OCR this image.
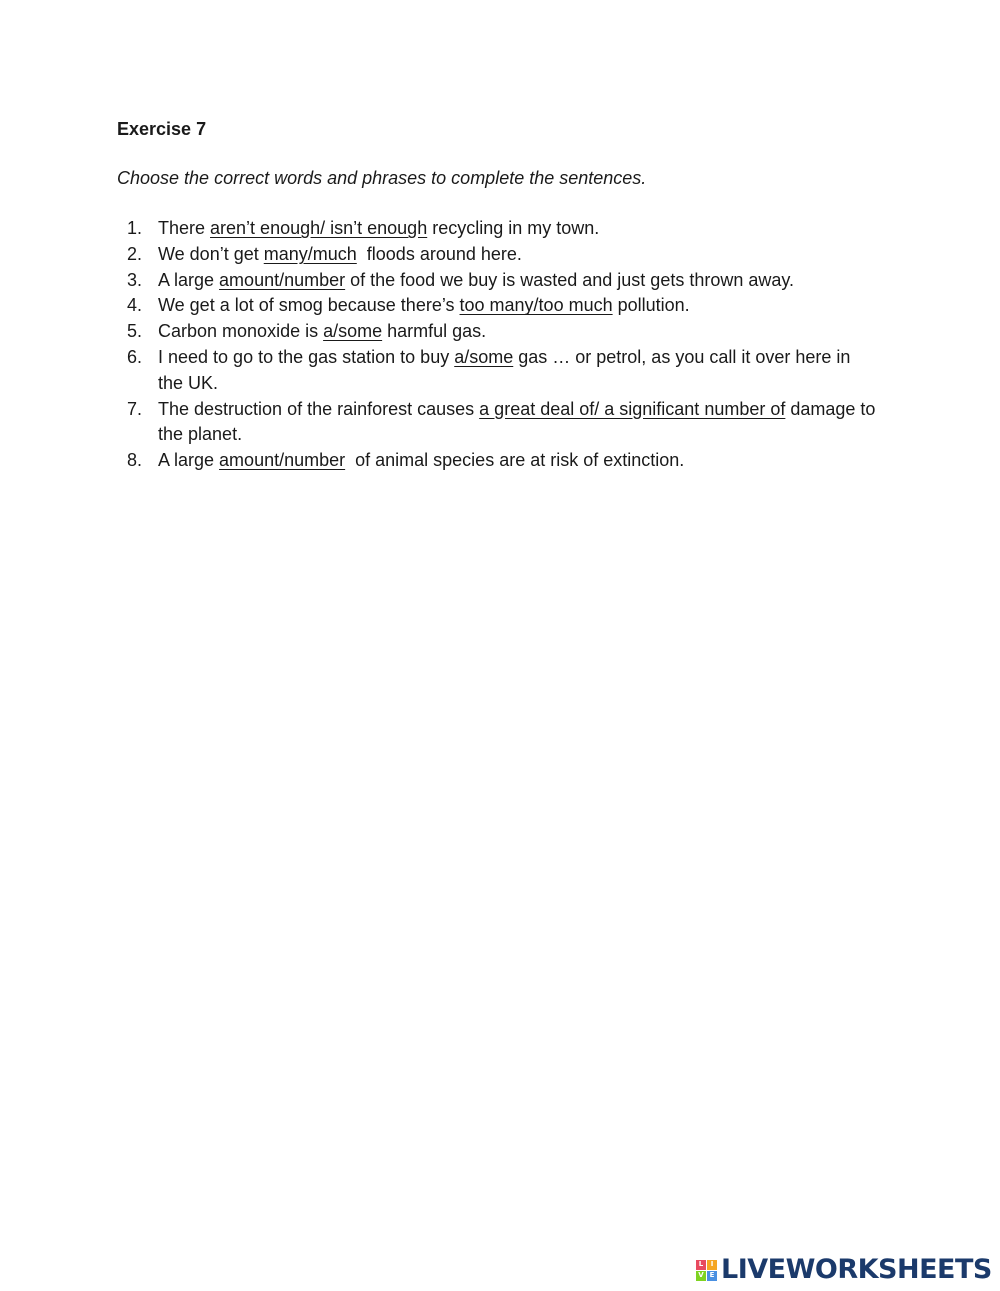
Exercise 7

Choose the correct words and phrases to complete the sentences.

1. There aren’t enough/ isn’t enough recycling in my town.
2. We don’t get many/much  floods around here.
3. A large amount/number of the food we buy is wasted and just gets thrown away.
4. We get a lot of smog because there’s too many/too much pollution.
5. Carbon monoxide is a/some harmful gas.
6. I need to go to the gas station to buy a/some gas … or petrol, as you call it over here in the UK.
7. The destruction of the rainforest causes a great deal of/ a significant number of damage to the planet.
8. A large amount/number  of animal species are at risk of extinction.
L	I
V E LIVEWORKSHEETS
